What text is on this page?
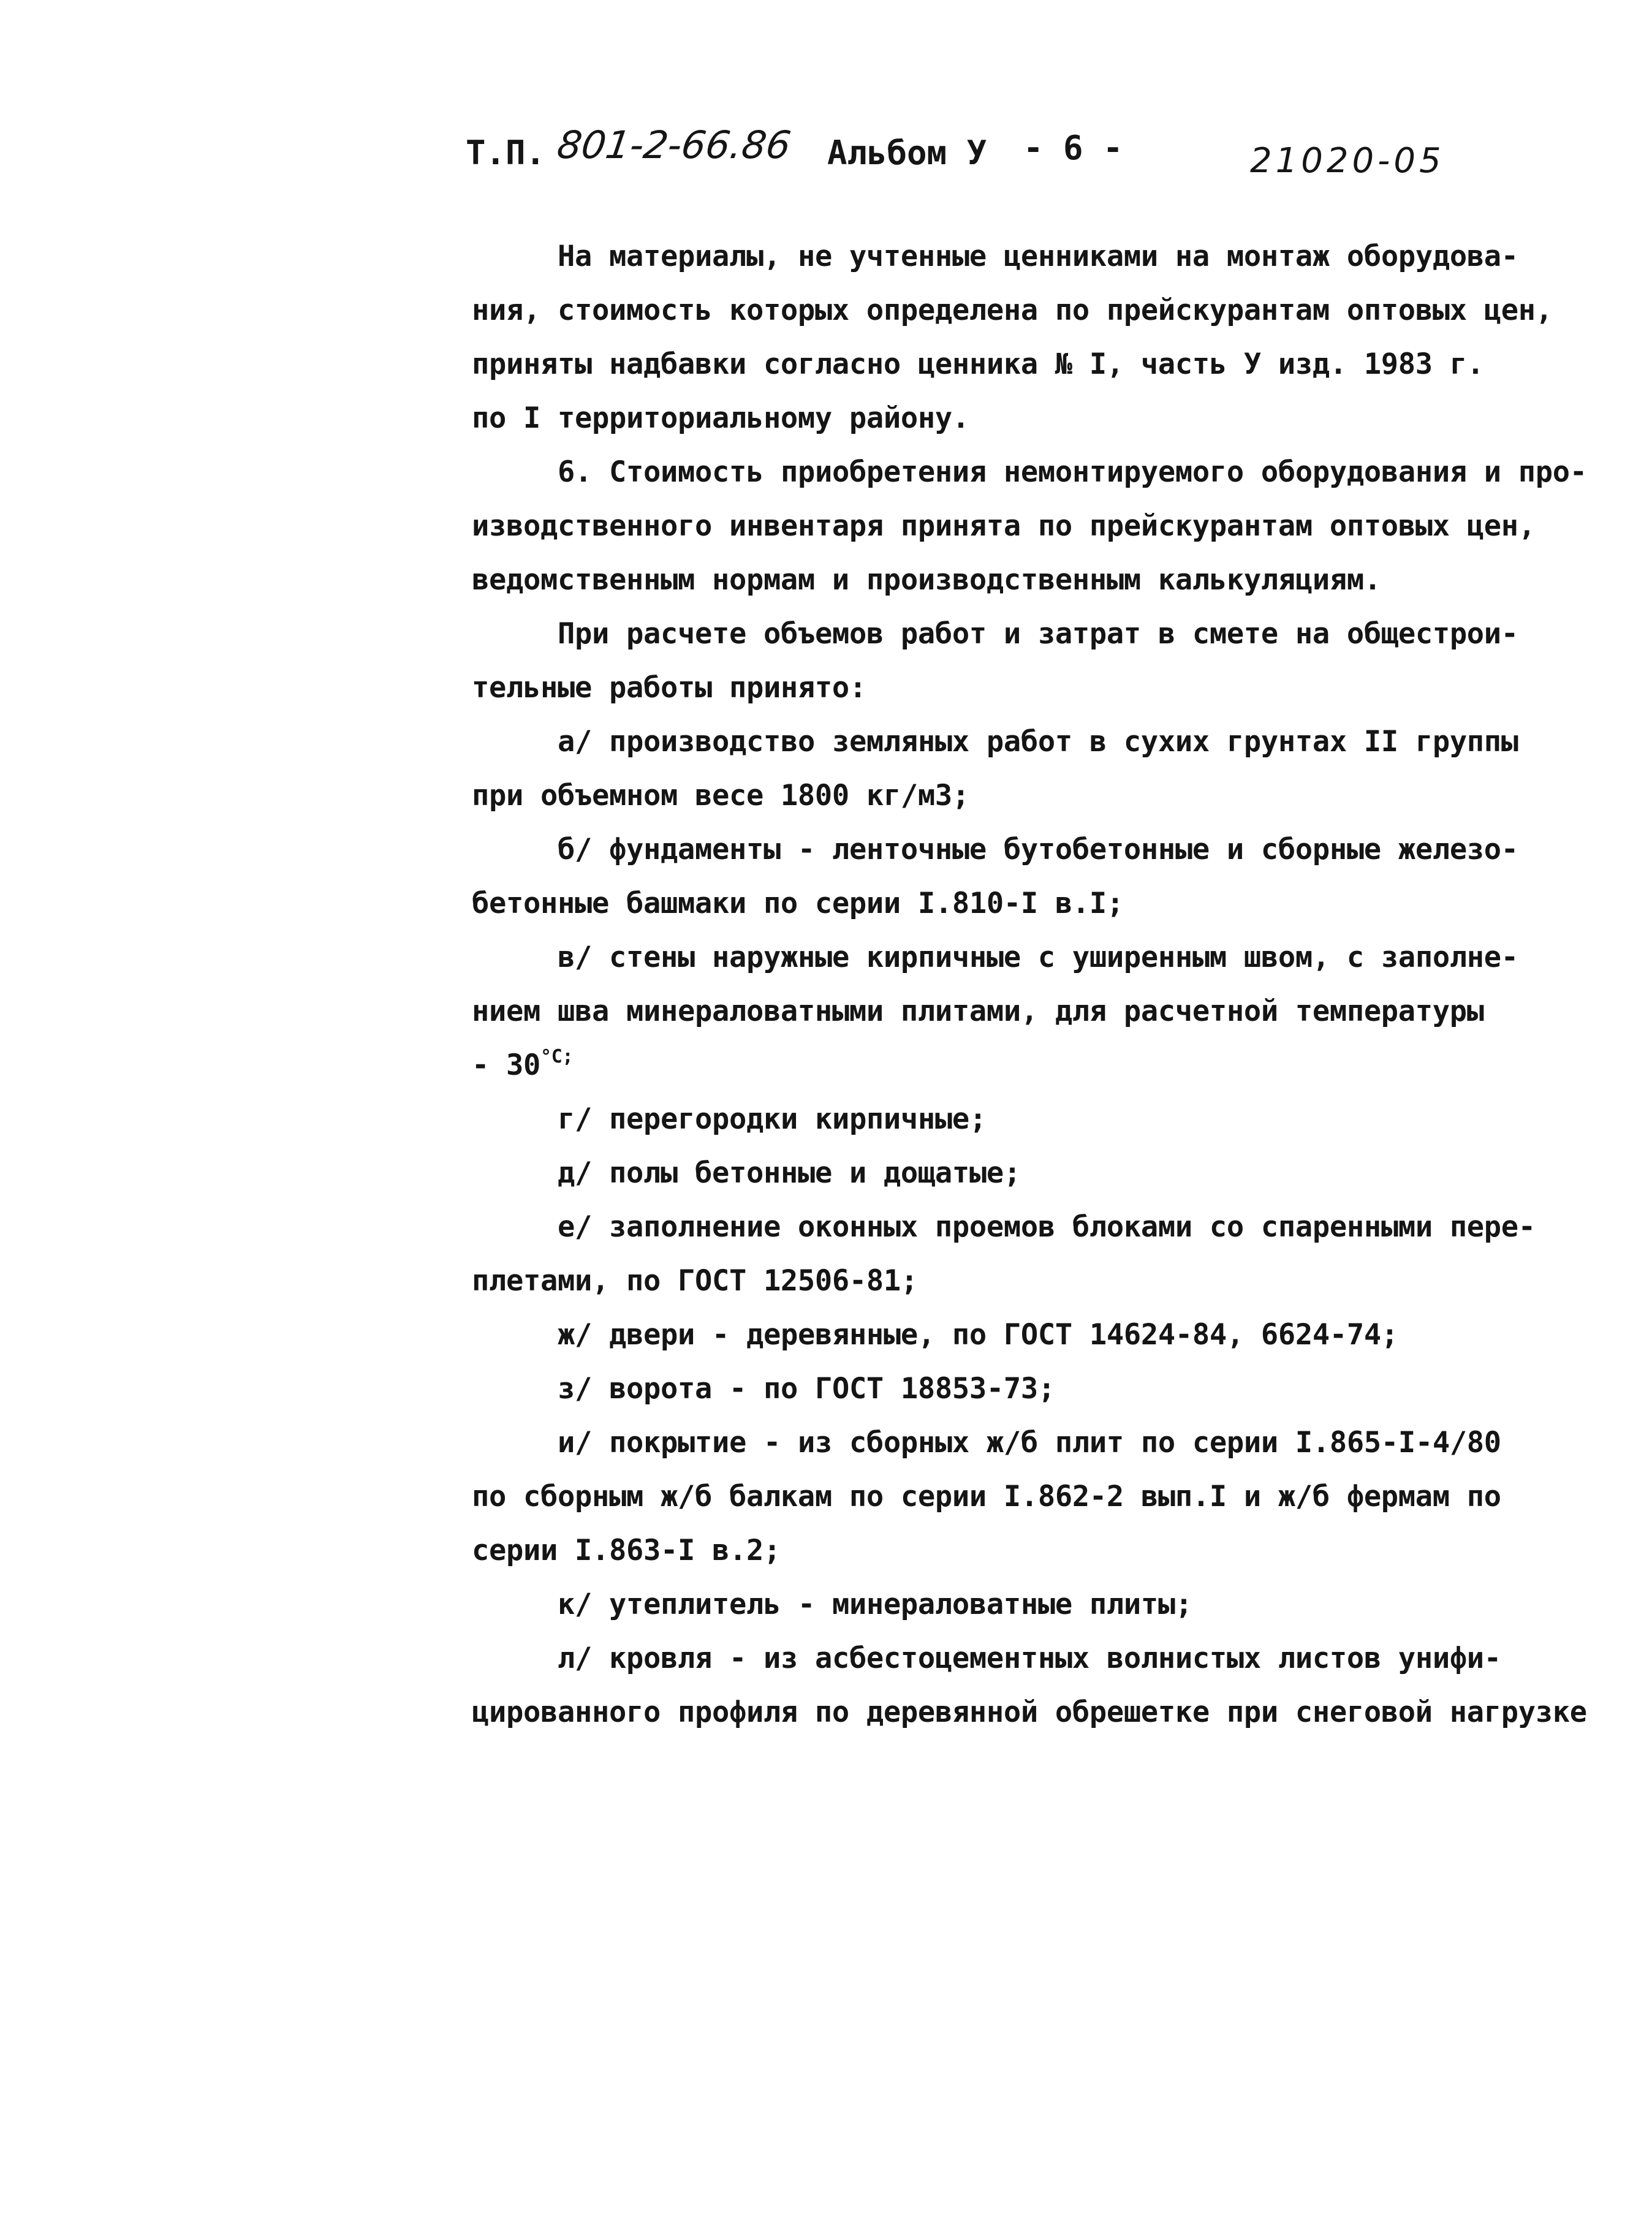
Т.П. 801-2-66.86 Альбом У - 6 -	21020-05
На материалы, не учтенные ценниками на монтаж оборудова-
ния, стоимость которых определена по прейскурантам оптовых цен,
приняты надбавки согласно ценника № I, часть У изд. 1983 г.
по I территориальному району.
6. Стоимость приобретения немонтируемого оборудования и про-
изводственного инвентаря принята по прейскурантам оптовых цен,
ведомственным нормам и производственным калькуляциям.
При расчете объемов работ и затрат в смете на общестрои-
тельные работы принято:
а/ производство земляных работ в сухих грунтах II группы
при объемном весе 1800 кг/м3;
б/ фундаменты - ленточные бутобетонные и сборные железо-
бетонные башмаки по серии I.810-I в.I;
в/ стены наружные кирпичные с уширенным швом, с заполне-
нием шва минераловатными плитами, для расчетной температуры
- $30^{^\circ С;}$
г/ перегородки кирпичные;
д/ полы бетонные и дощатые;
е/ заполнение оконных проемов блоками со спаренными пере-
плетами, по ГОСТ 12506-81;
ж/ двери - деревянные, по ГОСТ 14624-84, 6624-74;
з/ ворота - по ГОСТ 18853-73;
и/ покрытие - из сборных ж/б плит по серии I.865-I-4/80
по сборным ж/б балкам по серии I.862-2 вып.I и ж/б фермам по
серии I.863-I в.2;
к/ утеплитель - минераловатные плиты;
л/ кровля - из асбестоцементных волнистых листов унифи-
цированного профиля по деревянной обрешетке при снеговой нагрузке
